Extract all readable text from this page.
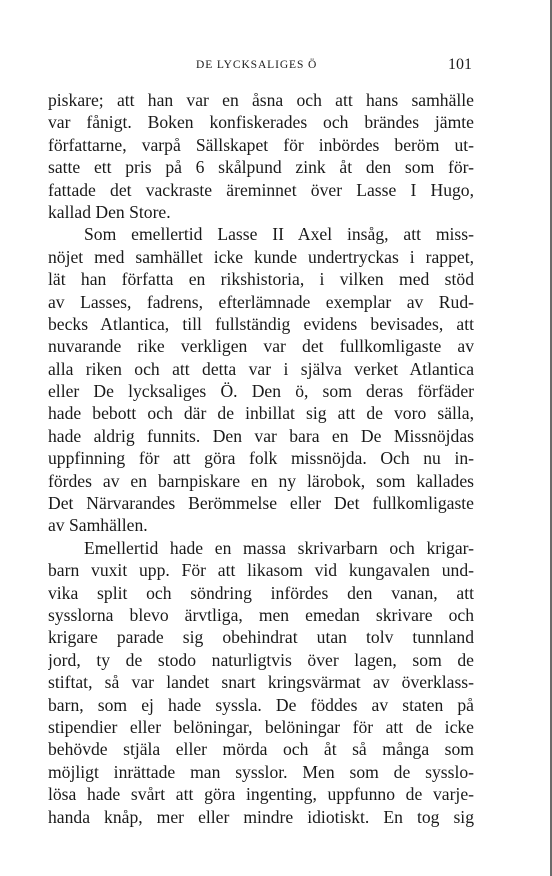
DE LYCKSALIGES Ö	101
piskare; att han var en åsna och att hans samhälle
var fånigt. Boken konfiskerades och brändes jämte
författarne, varpå Sällskapet för inbördes beröm ut-
satte ett pris på 6 skålpund zink åt den som för-
fattade det vackraste äreminnet över Lasse I Hugo,
kallad Den Store.
Som emellertid Lasse II Axel insåg, att miss-
nöjet med samhället icke kunde undertryckas i rappet,
lät han författa en rikshistoria, i vilken med stöd
av Lasses, fadrens, efterlämnade exemplar av Rud-
becks Atlantica, till fullständig evidens bevisades, att
nuvarande rike verkligen var det fullkomligaste av
alla riken och att detta var i själva verket Atlantica
eller De lycksaliges Ö. Den ö, som deras förfäder
hade bebott och där de inbillat sig att de voro sälla,
hade aldrig funnits. Den var bara en De Missnöjdas
uppfinning för att göra folk missnöjda. Och nu in-
fördes av en barnpiskare en ny lärobok, som kallades
Det Närvarandes Berömmelse eller Det fullkomligaste
av Samhällen.
Emellertid hade en massa skrivarbarn och krigar-
barn vuxit upp. För att likasom vid kungavalen und-
vika split och söndring infördes den vanan, att
sysslorna blevo ärvtliga, men emedan skrivare och
krigare parade sig obehindrat utan tolv tunnland
jord, ty de stodo naturligtvis över lagen, som de
stiftat, så var landet snart kringsvärmat av överklass-
barn, som ej hade syssla. De föddes av staten på
stipendier eller belöningar, belöningar för att de icke
behövde stjäla eller mörda och åt så många som
möjligt inrättade man sysslor. Men som de sysslo-
lösa hade svårt att göra ingenting, uppfunno de varje-
handa knåp, mer eller mindre idiotiskt. En tog sig
